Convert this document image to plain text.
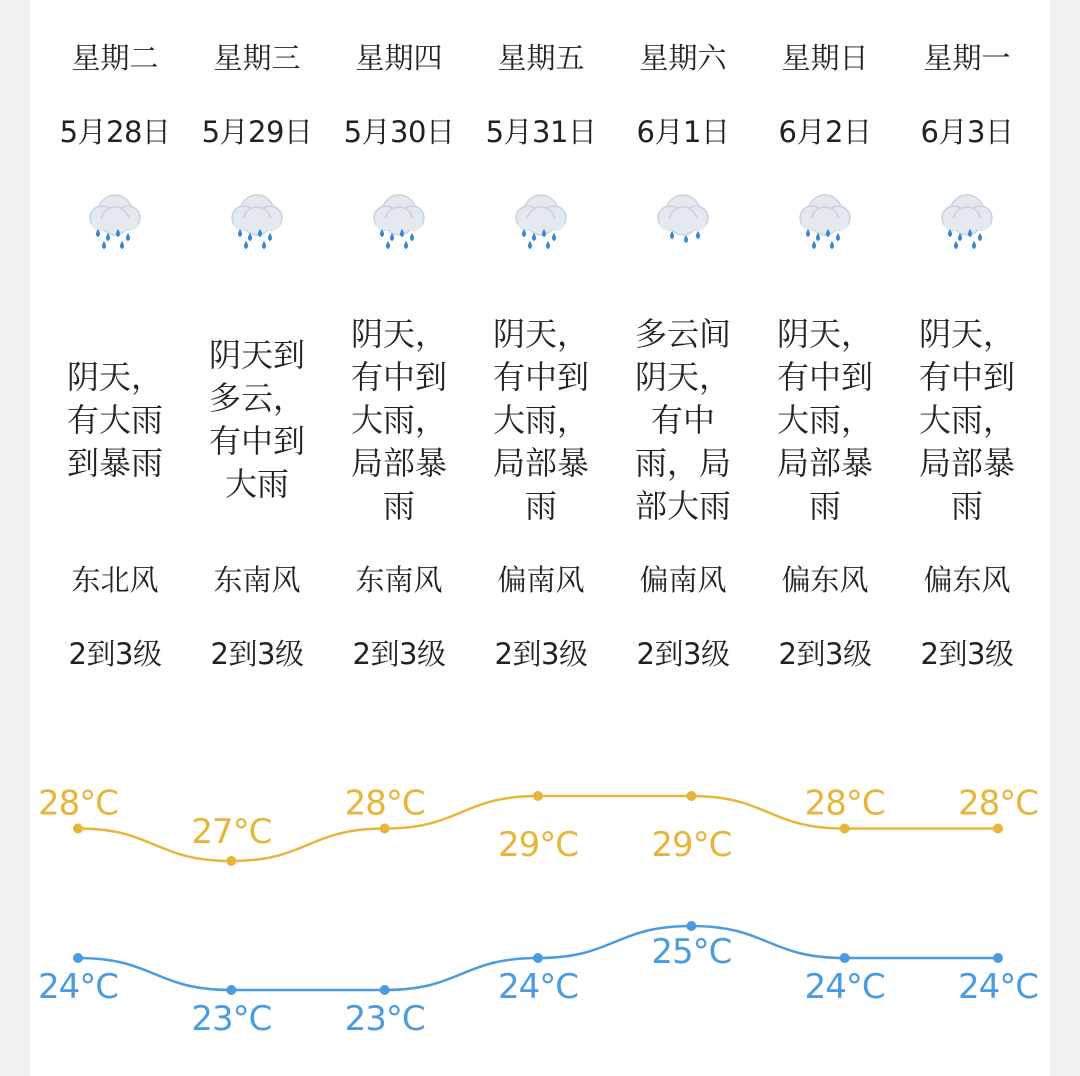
星期二
5月28日
阴天，有大雨到暴雨
东北风
2到3级
星期三
5月29日
阴天到多云，有中到大雨
东南风
2到3级
星期四
5月30日
阴天，有中到大雨，局部暴雨
东南风
2到3级
星期五
5月31日
阴天，有中到大雨，局部暴雨
偏南风
2到3级
星期六
6月1日
多云间阴天，有中雨，局部大雨
偏南风
2到3级
星期日
6月2日
阴天，有中到大雨，局部暴雨
偏东风
2到3级
星期一
6月3日
阴天，有中到大雨，局部暴雨
偏东风
2到3级
28°C
27°C
28°C
29°C 29°C
28°C 28°C
24°C
23°C 23°C
24°C
25°C
24°C 24°C
